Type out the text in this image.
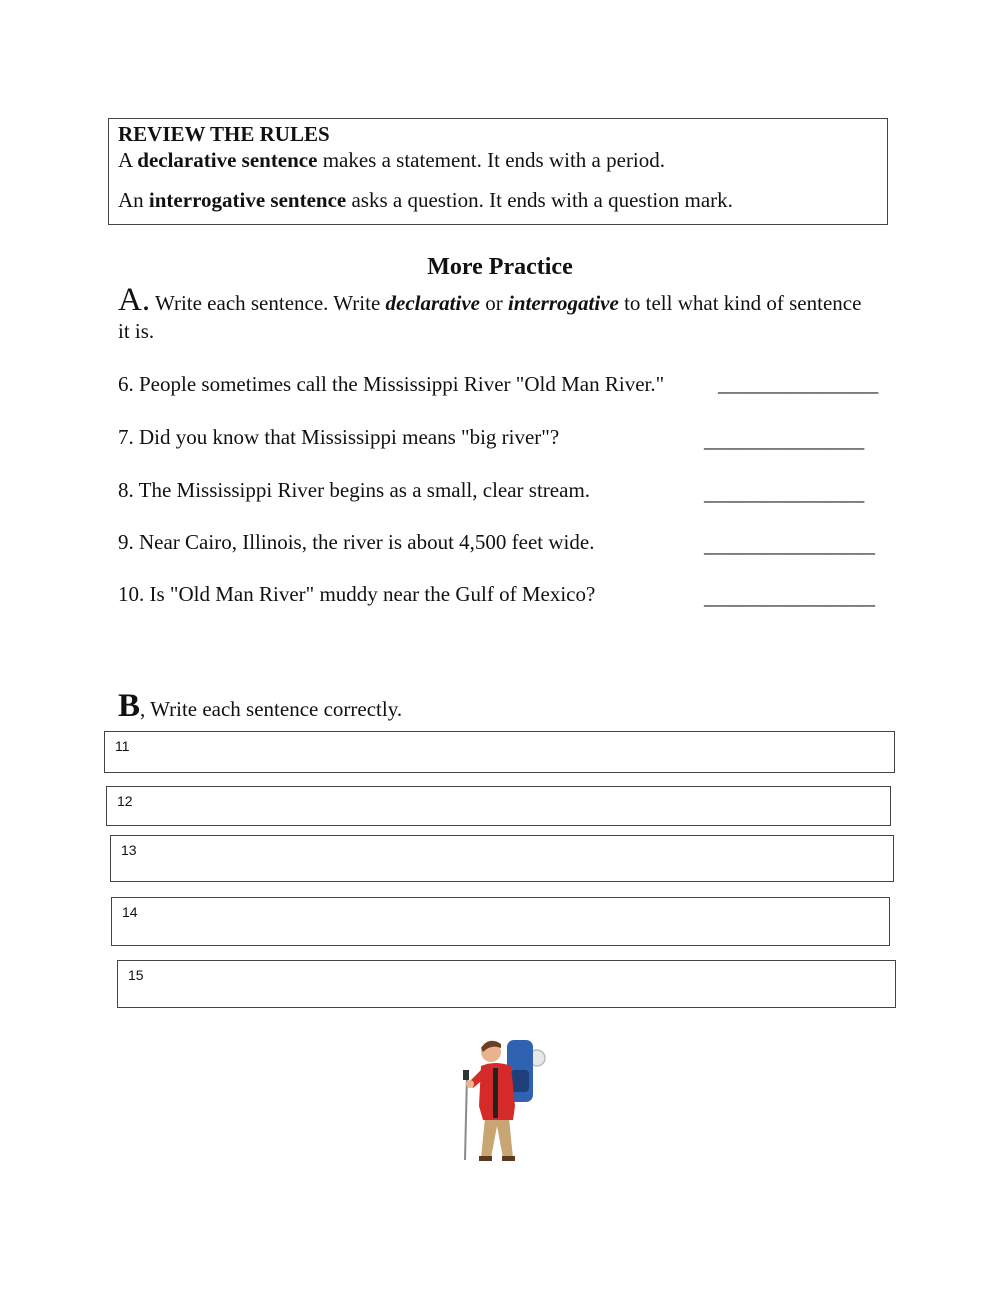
REVIEW THE RULES
A declarative sentence makes a statement. It ends with a period.
An interrogative sentence asks a question. It ends with a question mark.
More Practice
A. Write each sentence. Write declarative or interrogative to tell what kind of sentence it is.
6. People sometimes call the Mississippi River "Old Man River."	_______________
7. Did you know that Mississippi means "big river"?	_______________
8. The Mississippi River begins as a small, clear stream.	_______________
9. Near Cairo, Illinois, the river is about 4,500 feet wide.	________________
10. Is "Old Man River" muddy near the Gulf of Mexico?	________________
B, Write each sentence correctly.
11
12
13
14
15
